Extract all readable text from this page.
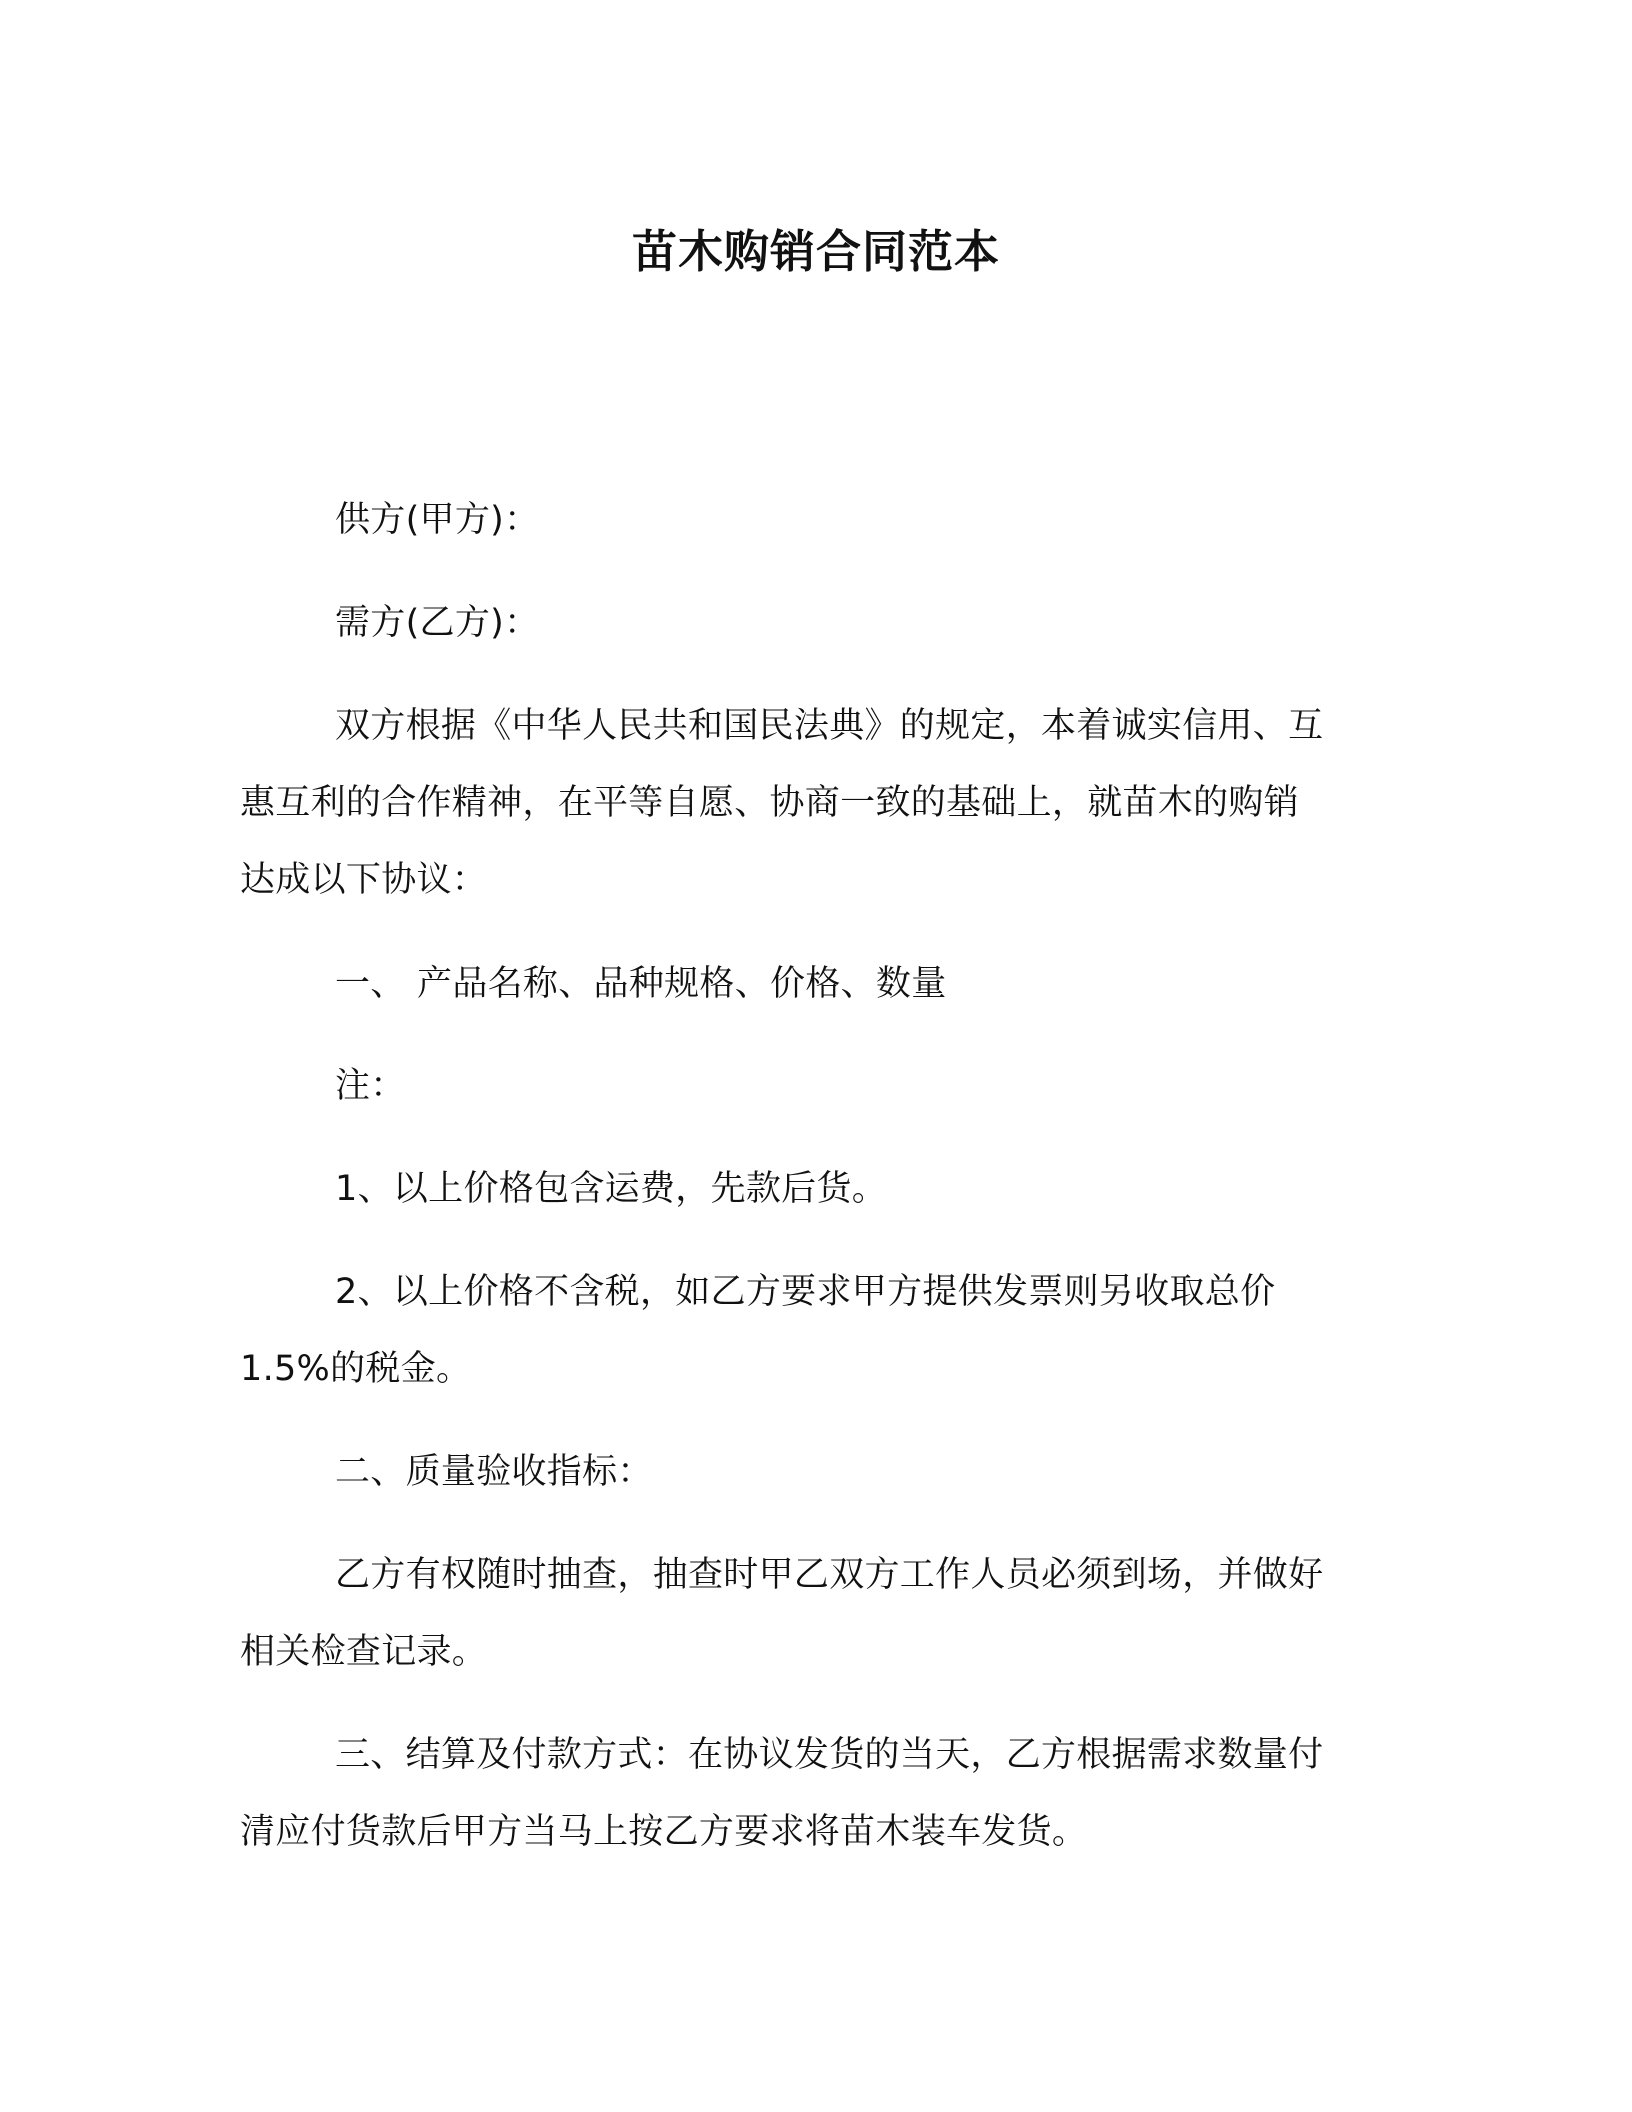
苗木购销合同范本
供方(甲方)：
需方(乙方)：
双方根据《中华人民共和国民法典》的规定，本着诚实信用、互
惠互利的合作精神，在平等自愿、协商一致的基础上，就苗木的购销
达成以下协议：
一、 产品名称、品种规格、价格、数量
注：
1、以上价格包含运费，先款后货。
2、以上价格不含税，如乙方要求甲方提供发票则另收取总价
1.5%的税金。
二、质量验收指标：
乙方有权随时抽查，抽查时甲乙双方工作人员必须到场，并做好
相关检查记录。
三、结算及付款方式：在协议发货的当天，乙方根据需求数量付
清应付货款后甲方当马上按乙方要求将苗木装车发货。
